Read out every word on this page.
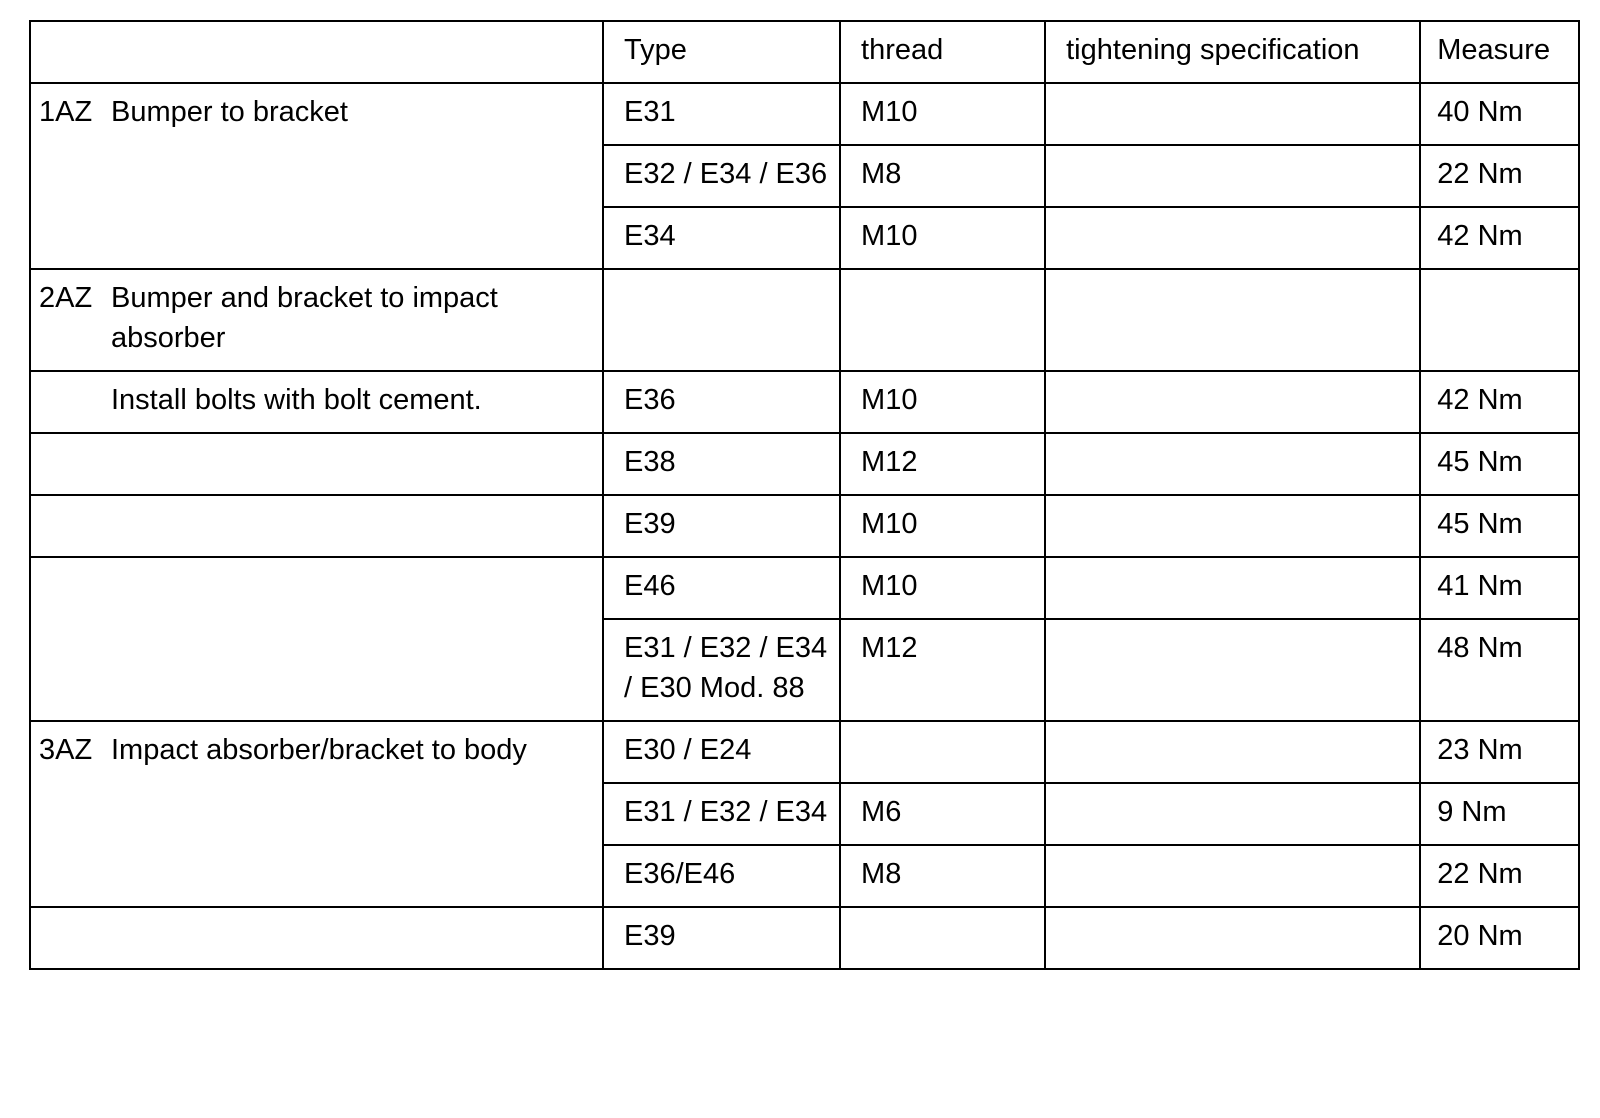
	Type	thread	tightening specification	Measure

1AZ Bumper to bracket	E31	M10		40 Nm
	E32 / E34 / E36	M8		22 Nm
	E34	M10		42 Nm

2AZ Bumper and bracket to impact absorber				

Install bolts with bolt cement.	E36	M10		42 Nm
	E38	M12		45 Nm
	E39	M10		45 Nm
	E46	M10		41 Nm
	E31 / E32 / E34 / E30 Mod. 88	M12		48 Nm

3AZ Impact absorber/bracket to body	E30 / E24			23 Nm
	E31 / E32 / E34	M6		9 Nm
	E36/E46	M8		22 Nm
	E39			20 Nm
